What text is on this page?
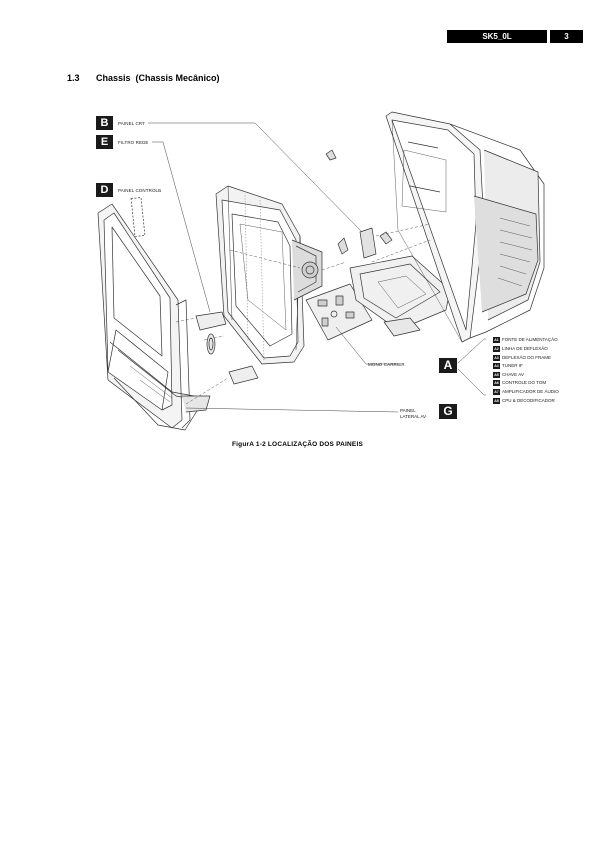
SK5_0L	3
1.3 Chassis  (Chassis Mecânico)
B	PAINEL CRT
E	FILTRO REDE
D	PAINEL CONTROLE
MONO CARRIER	A
PAINEL
LATERAL AV	G
A1 FONTE DE ALIMENTAÇÃO
A2 LINHA DE DEFLEXÃO
A3 DEFLEXÃO DO FRAME
A4 TUNER IF
A5 CHAVE AV
A6 CONTROLE DO TOM
A7 AMPLIFICADOR DE ÁUDIO
A8 CPU & DECODIFICADOR
FigurA 1-2 LOCALIZAÇÃO DOS PAINEIS
